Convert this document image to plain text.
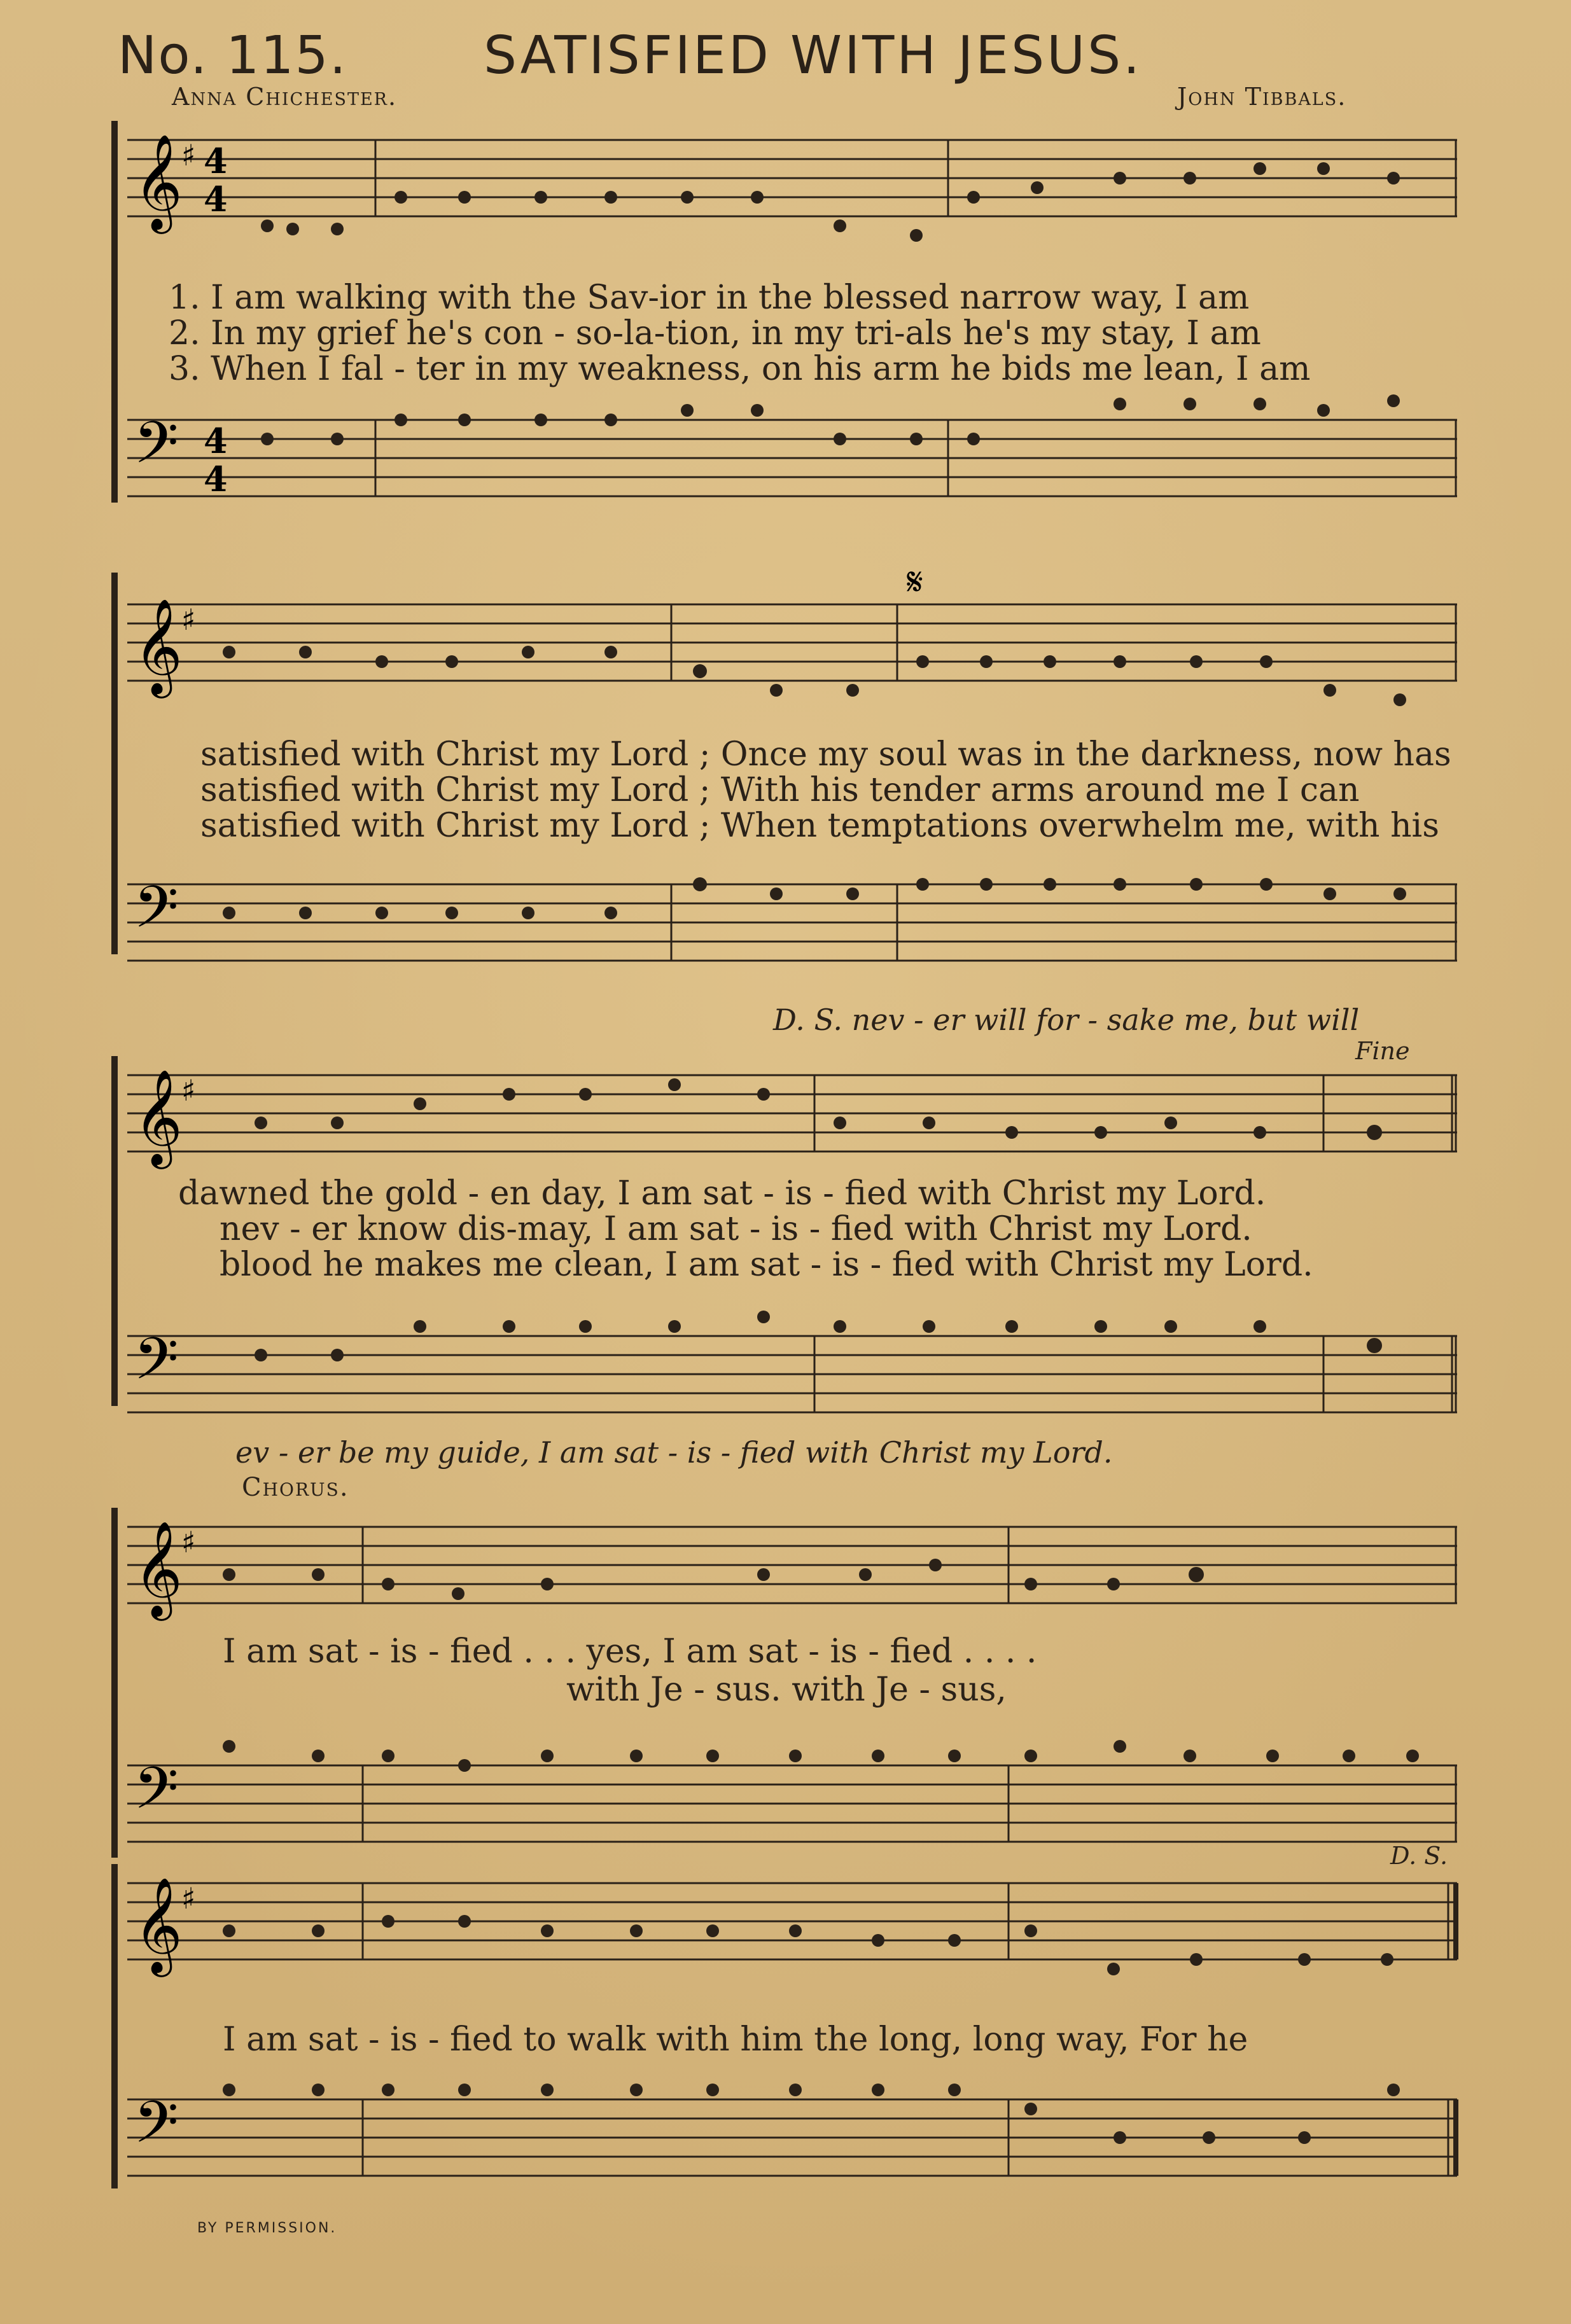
No. 115.	SATISFIED WITH JESUS.
Anna Chichester.	John Tibbals.
𝄞 4
4
♯
1. I am walking with the Sav-ior in the blessed narrow way, I am
2. In my grief he's con - so-la-tion, in my tri-als he's my stay, I am
3. When I fal - ter in my weakness, on his arm he bids me lean, I am
𝄢 4
4
𝄞
♯
𝄋
satisfied with Christ my Lord ; Once my soul was in the darkness, now has
satisfied with Christ my Lord ; With his tender arms around me I can
satisfied with Christ my Lord ; When temptations overwhelm me, with his
𝄢
D. S. nev - er will for - sake me, but will
Fine
𝄞
♯
dawned the gold - en day, I am sat - is - fied with Christ my Lord.
nev - er know dis-may, I am sat - is - fied with Christ my Lord.
blood he makes me clean, I am sat - is - fied with Christ my Lord.
𝄢
ev - er be my guide, I am sat - is - fied with Christ my Lord.
Chorus.
𝄞
♯
I am sat - is - fied . . . yes, I am sat - is - fied . . . .
with Je - sus. with Je - sus,
𝄢
D. S.
𝄞
♯
I am sat - is - fied to walk with him the long, long way, For he
𝄢
BY PERMISSION.
